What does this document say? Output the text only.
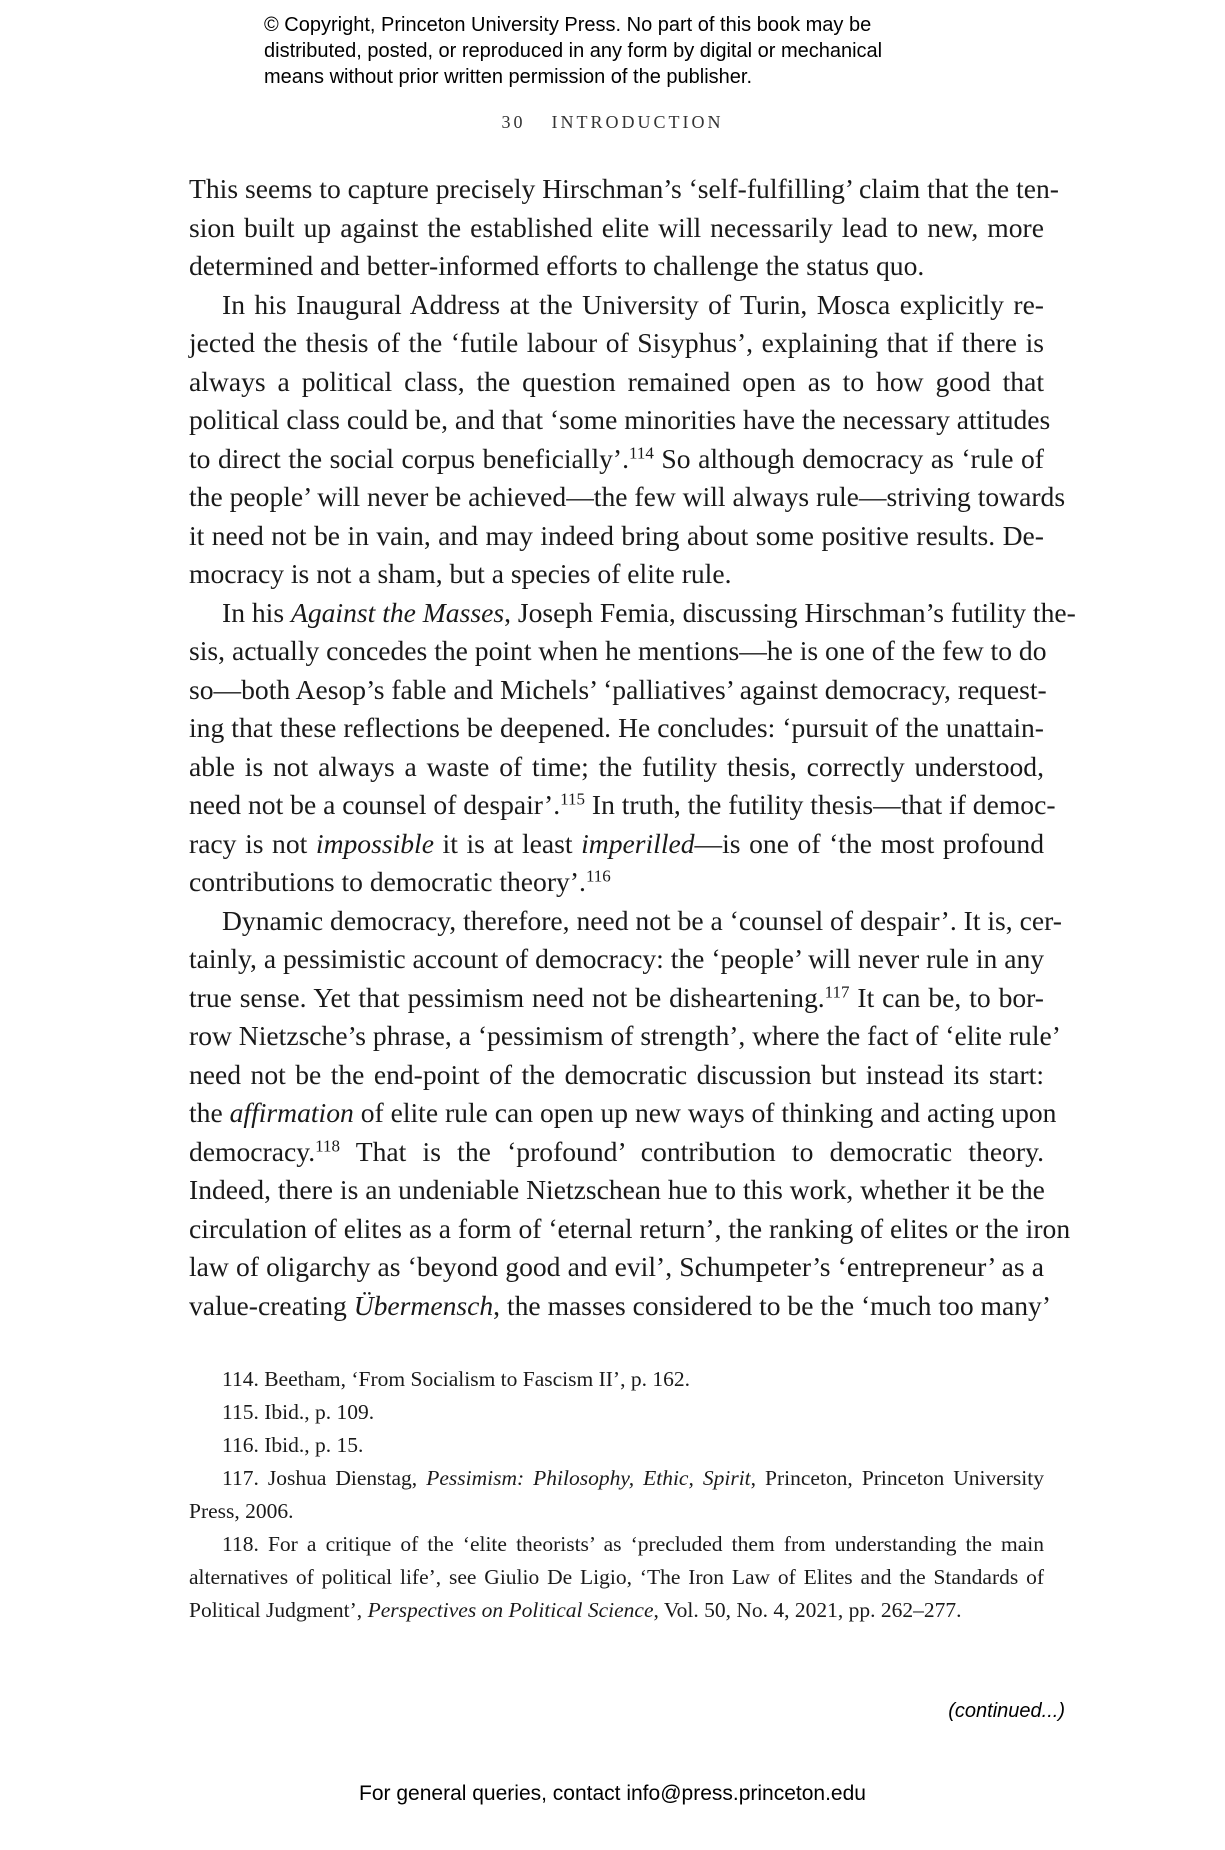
© Copyright, Princeton University Press. No part of this book may be
distributed, posted, or reproduced in any form by digital or mechanical
means without prior written permission of the publisher.
30 INTRODUCTION
This seems to capture precisely Hirschman’s ‘self-fulfilling’ claim that the ten-
sion built up against the established elite will necessarily lead to new, more
determined and better-informed efforts to challenge the status quo.
In his Inaugural Address at the University of Turin, Mosca explicitly re-
jected the thesis of the ‘futile labour of Sisyphus’, explaining that if there is
always a political class, the question remained open as to how good that
political class could be, and that ‘some minorities have the necessary attitudes
to direct the social corpus beneficially’.$^{114}$ So although democracy as ‘rule of
the people’ will never be achieved—the few will always rule—striving towards
it need not be in vain, and may indeed bring about some positive results. De-
mocracy is not a sham, but a species of elite rule.
In his Against the Masses, Joseph Femia, discussing Hirschman’s futility the-
sis, actually concedes the point when he mentions—he is one of the few to do
so—both Aesop’s fable and Michels’ ‘palliatives’ against democracy, request-
ing that these reflections be deepened. He concludes: ‘pursuit of the unattain-
able is not always a waste of time; the futility thesis, correctly understood,
need not be a counsel of despair’.$^{115}$ In truth, the futility thesis—that if democ-
racy is not impossible it is at least imperilled—is one of ‘the most profound
contributions to democratic theory’.$^{116}$
Dynamic democracy, therefore, need not be a ‘counsel of despair’. It is, cer-
tainly, a pessimistic account of democracy: the ‘people’ will never rule in any
true sense. Yet that pessimism need not be disheartening.$^{117}$ It can be, to bor-
row Nietzsche’s phrase, a ‘pessimism of strength’, where the fact of ‘elite rule’
need not be the end-point of the democratic discussion but instead its start:
the affirmation of elite rule can open up new ways of thinking and acting upon
democracy.$^{118}$ That is the ‘profound’ contribution to democratic theory.
Indeed, there is an undeniable Nietzschean hue to this work, whether it be the
circulation of elites as a form of ‘eternal return’, the ranking of elites or the iron
law of oligarchy as ‘beyond good and evil’, Schumpeter’s ‘entrepreneur’ as a
value-creating Übermensch, the masses considered to be the ‘much too many’
114. Beetham, ‘From Socialism to Fascism II’, p. 162.
115. Ibid., p. 109.
116. Ibid., p. 15.
117. Joshua Dienstag, Pessimism: Philosophy, Ethic, Spirit, Princeton, Princeton University
Press, 2006.
118. For a critique of the ‘elite theorists’ as ‘precluded them from understanding the main
alternatives of political life’, see Giulio De Ligio, ‘The Iron Law of Elites and the Standards of
Political Judgment’, Perspectives on Political Science, Vol. 50, No. 4, 2021, pp. 262–277.
(continued...)
For general queries, contact info@press.princeton.edu
